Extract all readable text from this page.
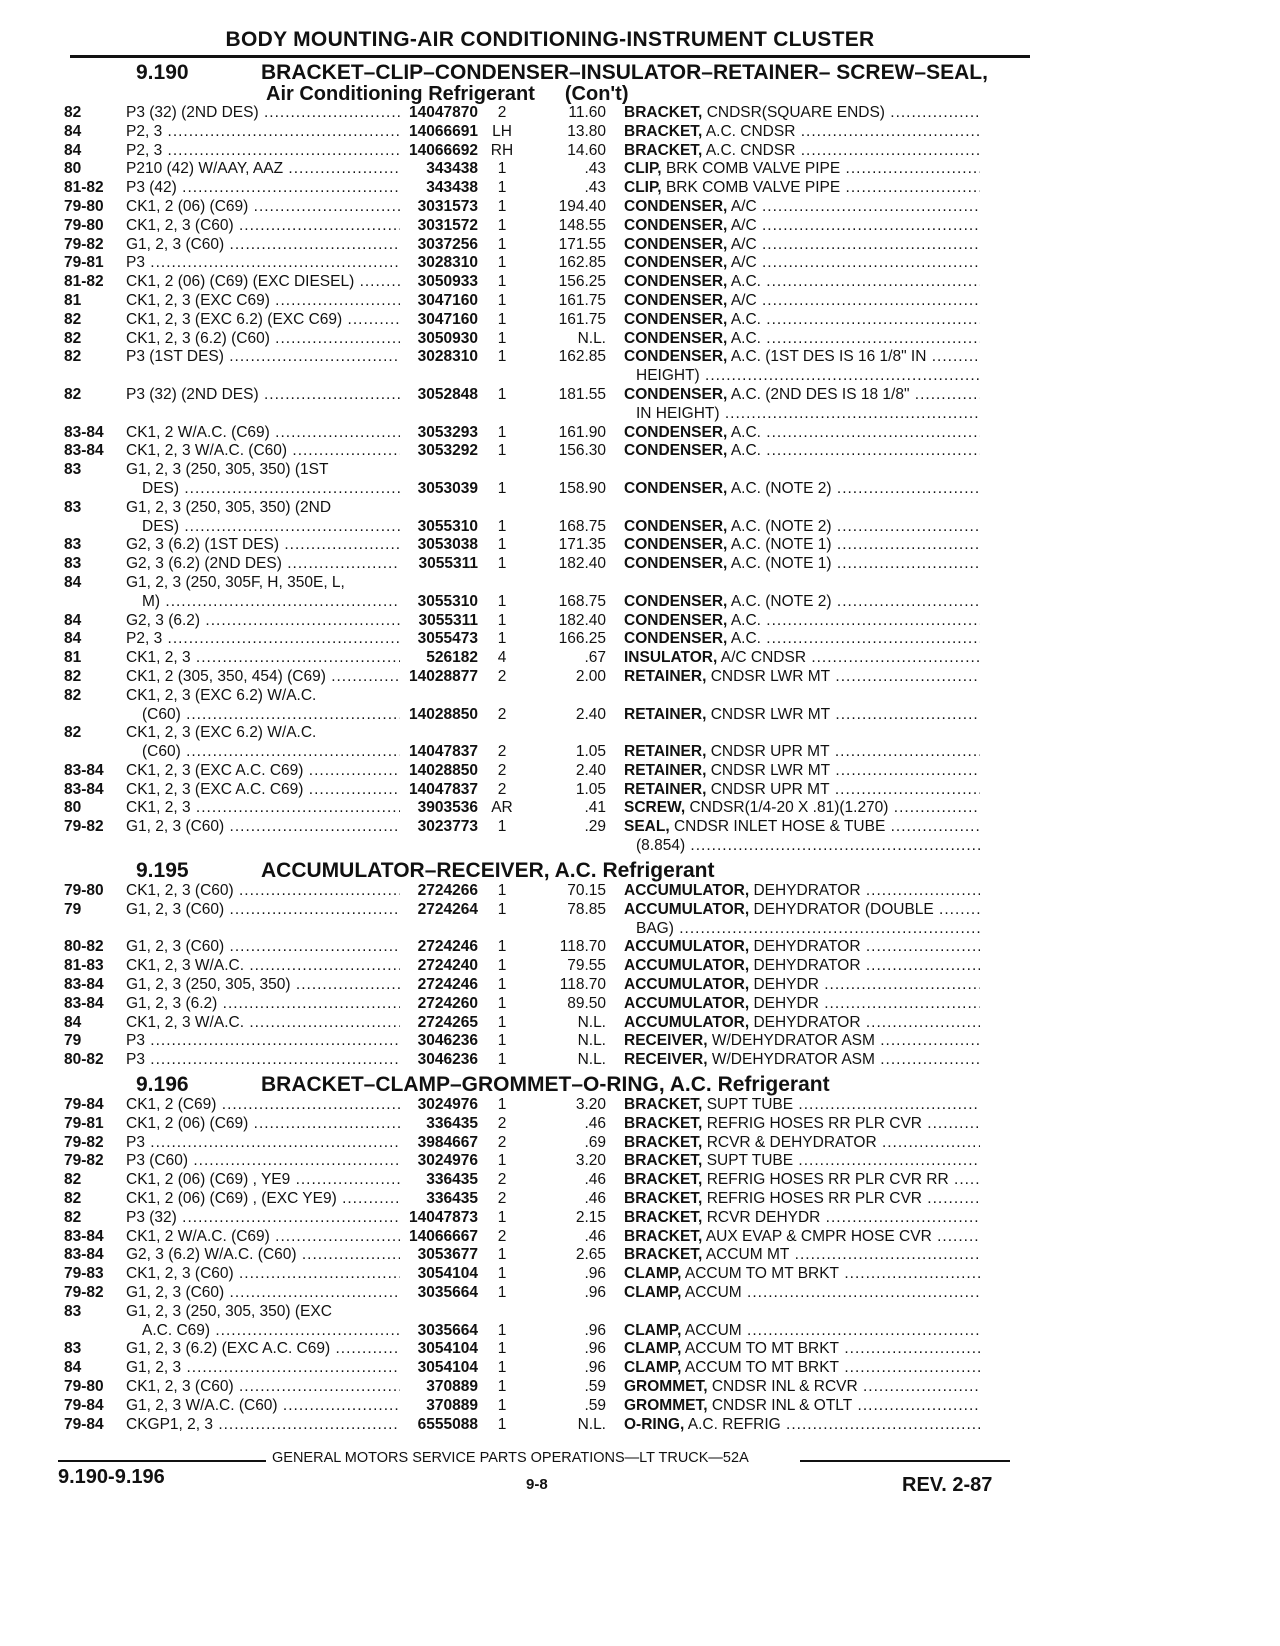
BODY MOUNTING-AIR CONDITIONING-INSTRUMENT CLUSTER
9.190	BRACKET–CLIP–CONDENSER–INSULATOR–RETAINER– SCREW–SEAL,
Air Conditioning Refrigerant (Con't)
82	P3 (32) (2ND DES) .....	14047870	2	11.60	BRACKET, CNDSR(SQUARE ENDS) .....
84	P2, 3 .....	14066691 LH	13.80	BRACKET, A.C. CNDSR .....
84	P2, 3 .....	14066692 RH	14.60	BRACKET, A.C. CNDSR .....
80	P210 (42) W/AAY, AAZ .....	343438	1	.43	CLIP, BRK COMB VALVE PIPE .....
81-82	P3 (42) .....	343438	1	.43	CLIP, BRK COMB VALVE PIPE .....
79-80	CK1, 2 (06) (C69) .....	3031573	1	194.40	CONDENSER, A/C .....
79-80	CK1, 2, 3 (C60) .....	3031572	1	148.55	CONDENSER, A/C .....
79-82	G1, 2, 3 (C60) .....	3037256	1	171.55	CONDENSER, A/C .....
79-81	P3 .....	3028310	1	162.85	CONDENSER, A/C .....
81-82	CK1, 2 (06) (C69) (EXC DIESEL) .....	3050933	1	156.25	CONDENSER, A.C. .....
81	CK1, 2, 3 (EXC C69) .....	3047160	1	161.75	CONDENSER, A/C .....
82	CK1, 2, 3 (EXC 6.2) (EXC C69) .....	3047160	1	161.75	CONDENSER, A.C. .....
82	CK1, 2, 3 (6.2) (C60) .....	3050930	1	N.L.	CONDENSER, A.C. .....
82	P3 (1ST DES) .....	3028310	1	162.85	CONDENSER, A.C. (1ST DES IS 16 1/8" IN .....
HEIGHT) .....
82	P3 (32) (2ND DES) .....	3052848	1	181.55	CONDENSER, A.C. (2ND DES IS 18 1/8" .....
IN HEIGHT) .....
83-84	CK1, 2 W/A.C. (C69) .....	3053293	1	161.90	CONDENSER, A.C. .....
83-84	CK1, 2, 3 W/A.C. (C60) .....	3053292	1	156.30	CONDENSER, A.C. .....
83	G1, 2, 3 (250, 305, 350) (1ST
DES) .....	3053039	1	158.90	CONDENSER, A.C. (NOTE 2) .....
83	G1, 2, 3 (250, 305, 350) (2ND
DES) .....	3055310	1	168.75	CONDENSER, A.C. (NOTE 2) .....
83	G2, 3 (6.2) (1ST DES) .....	3053038	1	171.35	CONDENSER, A.C. (NOTE 1) .....
83	G2, 3 (6.2) (2ND DES) .....	3055311	1	182.40	CONDENSER, A.C. (NOTE 1) .....
84	G1, 2, 3 (250, 305F, H, 350E, L,
M) .....	3055310	1	168.75	CONDENSER, A.C. (NOTE 2) .....
84	G2, 3 (6.2) .....	3055311	1	182.40	CONDENSER, A.C. .....
84	P2, 3 .....	3055473	1	166.25	CONDENSER, A.C. .....
81	CK1, 2, 3 .....	526182	4	.67	INSULATOR, A/C CNDSR .....
82	CK1, 2 (305, 350, 454) (C69) .....	14028877	2	2.00	RETAINER, CNDSR LWR MT .....
82	CK1, 2, 3 (EXC 6.2) W/A.C.
(C60) .....	14028850	2	2.40	RETAINER, CNDSR LWR MT .....
82	CK1, 2, 3 (EXC 6.2) W/A.C.
(C60) .....	14047837	2	1.05	RETAINER, CNDSR UPR MT .....
83-84	CK1, 2, 3 (EXC A.C. C69) .....	14028850	2	2.40	RETAINER, CNDSR LWR MT .....
83-84	CK1, 2, 3 (EXC A.C. C69) .....	14047837	2	1.05	RETAINER, CNDSR UPR MT .....
80	CK1, 2, 3 .....	3903536 AR	.41	SCREW, CNDSR(1/4-20 X .81)(1.270) .....
79-82	G1, 2, 3 (C60) .....	3023773	1	.29	SEAL, CNDSR INLET HOSE & TUBE .....
(8.854) .....
9.195	ACCUMULATOR–RECEIVER, A.C. Refrigerant
79-80	CK1, 2, 3 (C60) .....	2724266	1	70.15	ACCUMULATOR, DEHYDRATOR .....
79	G1, 2, 3 (C60) .....	2724264	1	78.85	ACCUMULATOR, DEHYDRATOR (DOUBLE .....
BAG) .....
80-82	G1, 2, 3 (C60) .....	2724246	1	118.70	ACCUMULATOR, DEHYDRATOR .....
81-83	CK1, 2, 3 W/A.C. .....	2724240	1	79.55	ACCUMULATOR, DEHYDRATOR .....
83-84	G1, 2, 3 (250, 305, 350) .....	2724246	1	118.70	ACCUMULATOR, DEHYDR .....
83-84	G1, 2, 3 (6.2) .....	2724260	1	89.50	ACCUMULATOR, DEHYDR .....
84	CK1, 2, 3 W/A.C. .....	2724265	1	N.L.	ACCUMULATOR, DEHYDRATOR .....
79	P3 .....	3046236	1	N.L.	RECEIVER, W/DEHYDRATOR ASM .....
80-82	P3 .....	3046236	1	N.L.	RECEIVER, W/DEHYDRATOR ASM .....
9.196	BRACKET–CLAMP–GROMMET–O-RING, A.C. Refrigerant
79-84	CK1, 2 (C69) .....	3024976	1	3.20	BRACKET, SUPT TUBE .....
79-81	CK1, 2 (06) (C69) .....	336435	2	.46	BRACKET, REFRIG HOSES RR PLR CVR .....
79-82	P3 .....	3984667	2	.69	BRACKET, RCVR & DEHYDRATOR .....
79-82	P3 (C60) .....	3024976	1	3.20	BRACKET, SUPT TUBE .....
82	CK1, 2 (06) (C69) , YE9 .....	336435	2	.46	BRACKET, REFRIG HOSES RR PLR CVR RR .....
82	CK1, 2 (06) (C69) , (EXC YE9) .....	336435	2	.46	BRACKET, REFRIG HOSES RR PLR CVR .....
82	P3 (32) .....	14047873	1	2.15	BRACKET, RCVR DEHYDR .....
83-84	CK1, 2 W/A.C. (C69) .....	14066667	2	.46	BRACKET, AUX EVAP & CMPR HOSE CVR .....
83-84	G2, 3 (6.2) W/A.C. (C60) .....	3053677	1	2.65	BRACKET, ACCUM MT .....
79-83	CK1, 2, 3 (C60) .....	3054104	1	.96	CLAMP, ACCUM TO MT BRKT .....
79-82	G1, 2, 3 (C60) .....	3035664	1	.96	CLAMP, ACCUM .....
83	G1, 2, 3 (250, 305, 350) (EXC
A.C. C69) .....	3035664	1	.96	CLAMP, ACCUM .....
83	G1, 2, 3 (6.2) (EXC A.C. C69) .....	3054104	1	.96	CLAMP, ACCUM TO MT BRKT .....
84	G1, 2, 3 .....	3054104	1	.96	CLAMP, ACCUM TO MT BRKT .....
79-80	CK1, 2, 3 (C60) .....	370889	1	.59	GROMMET, CNDSR INL & RCVR .....
79-84	G1, 2, 3 W/A.C. (C60) .....	370889	1	.59	GROMMET, CNDSR INL & OTLT .....
79-84	CKGP1, 2, 3 .....	6555088	1	N.L.	O-RING, A.C. REFRIG .....
GENERAL MOTORS SERVICE PARTS OPERATIONS—LT TRUCK—52A
9.190-9.196	9-8	REV. 2-87
